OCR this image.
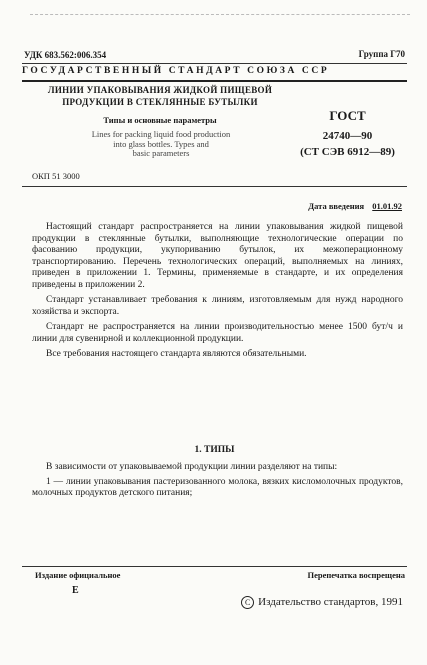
УДК 683.562:006.354	Группа Г70
ГОСУДАРСТВЕННЫЙ СТАНДАРТ СОЮЗА ССР
ЛИНИИ УПАКОВЫВАНИЯ ЖИДКОЙ ПИЩЕВОЙ
ПРОДУКЦИИ В СТЕКЛЯННЫЕ БУТЫЛКИ
Типы и основные параметры
Lines for packing liquid food production
into glass bottles. Types and
basic parameters
ГОСТ
24740—90
(СТ СЭВ 6912—89)
ОКП 51 3000
Дата введения 01.01.92

Настоящий стандарт распространяется на линии упаковывания жидкой пищевой продукции в стеклянные бутылки, выполняющие технологические операции по фасованию продукции, укупориванию бутылок, их межоперационному транспортированию. Перечень технологических операций, выполняемых на линиях, приведен в приложении 1. Термины, применяемые в стандарте, и их определения приведены в приложении 2.

Стандарт устанавливает требования к линиям, изготовляемым для нужд народного хозяйства и экспорта.

Стандарт не распространяется на линии производительностью менее 1500 бут/ч и линии для сувенирной и коллекционной продукции.

Все требования настоящего стандарта являются обязательными.

1. ТИПЫ

В зависимости от упаковываемой продукции линии разделяют на типы:

1 — линии упаковывания пастеризованного молока, вязких кисломолочных продуктов, молочных продуктов детского питания;

Издание официальное	Перепечатка воспрещена
E
C Издательство стандартов, 1991
